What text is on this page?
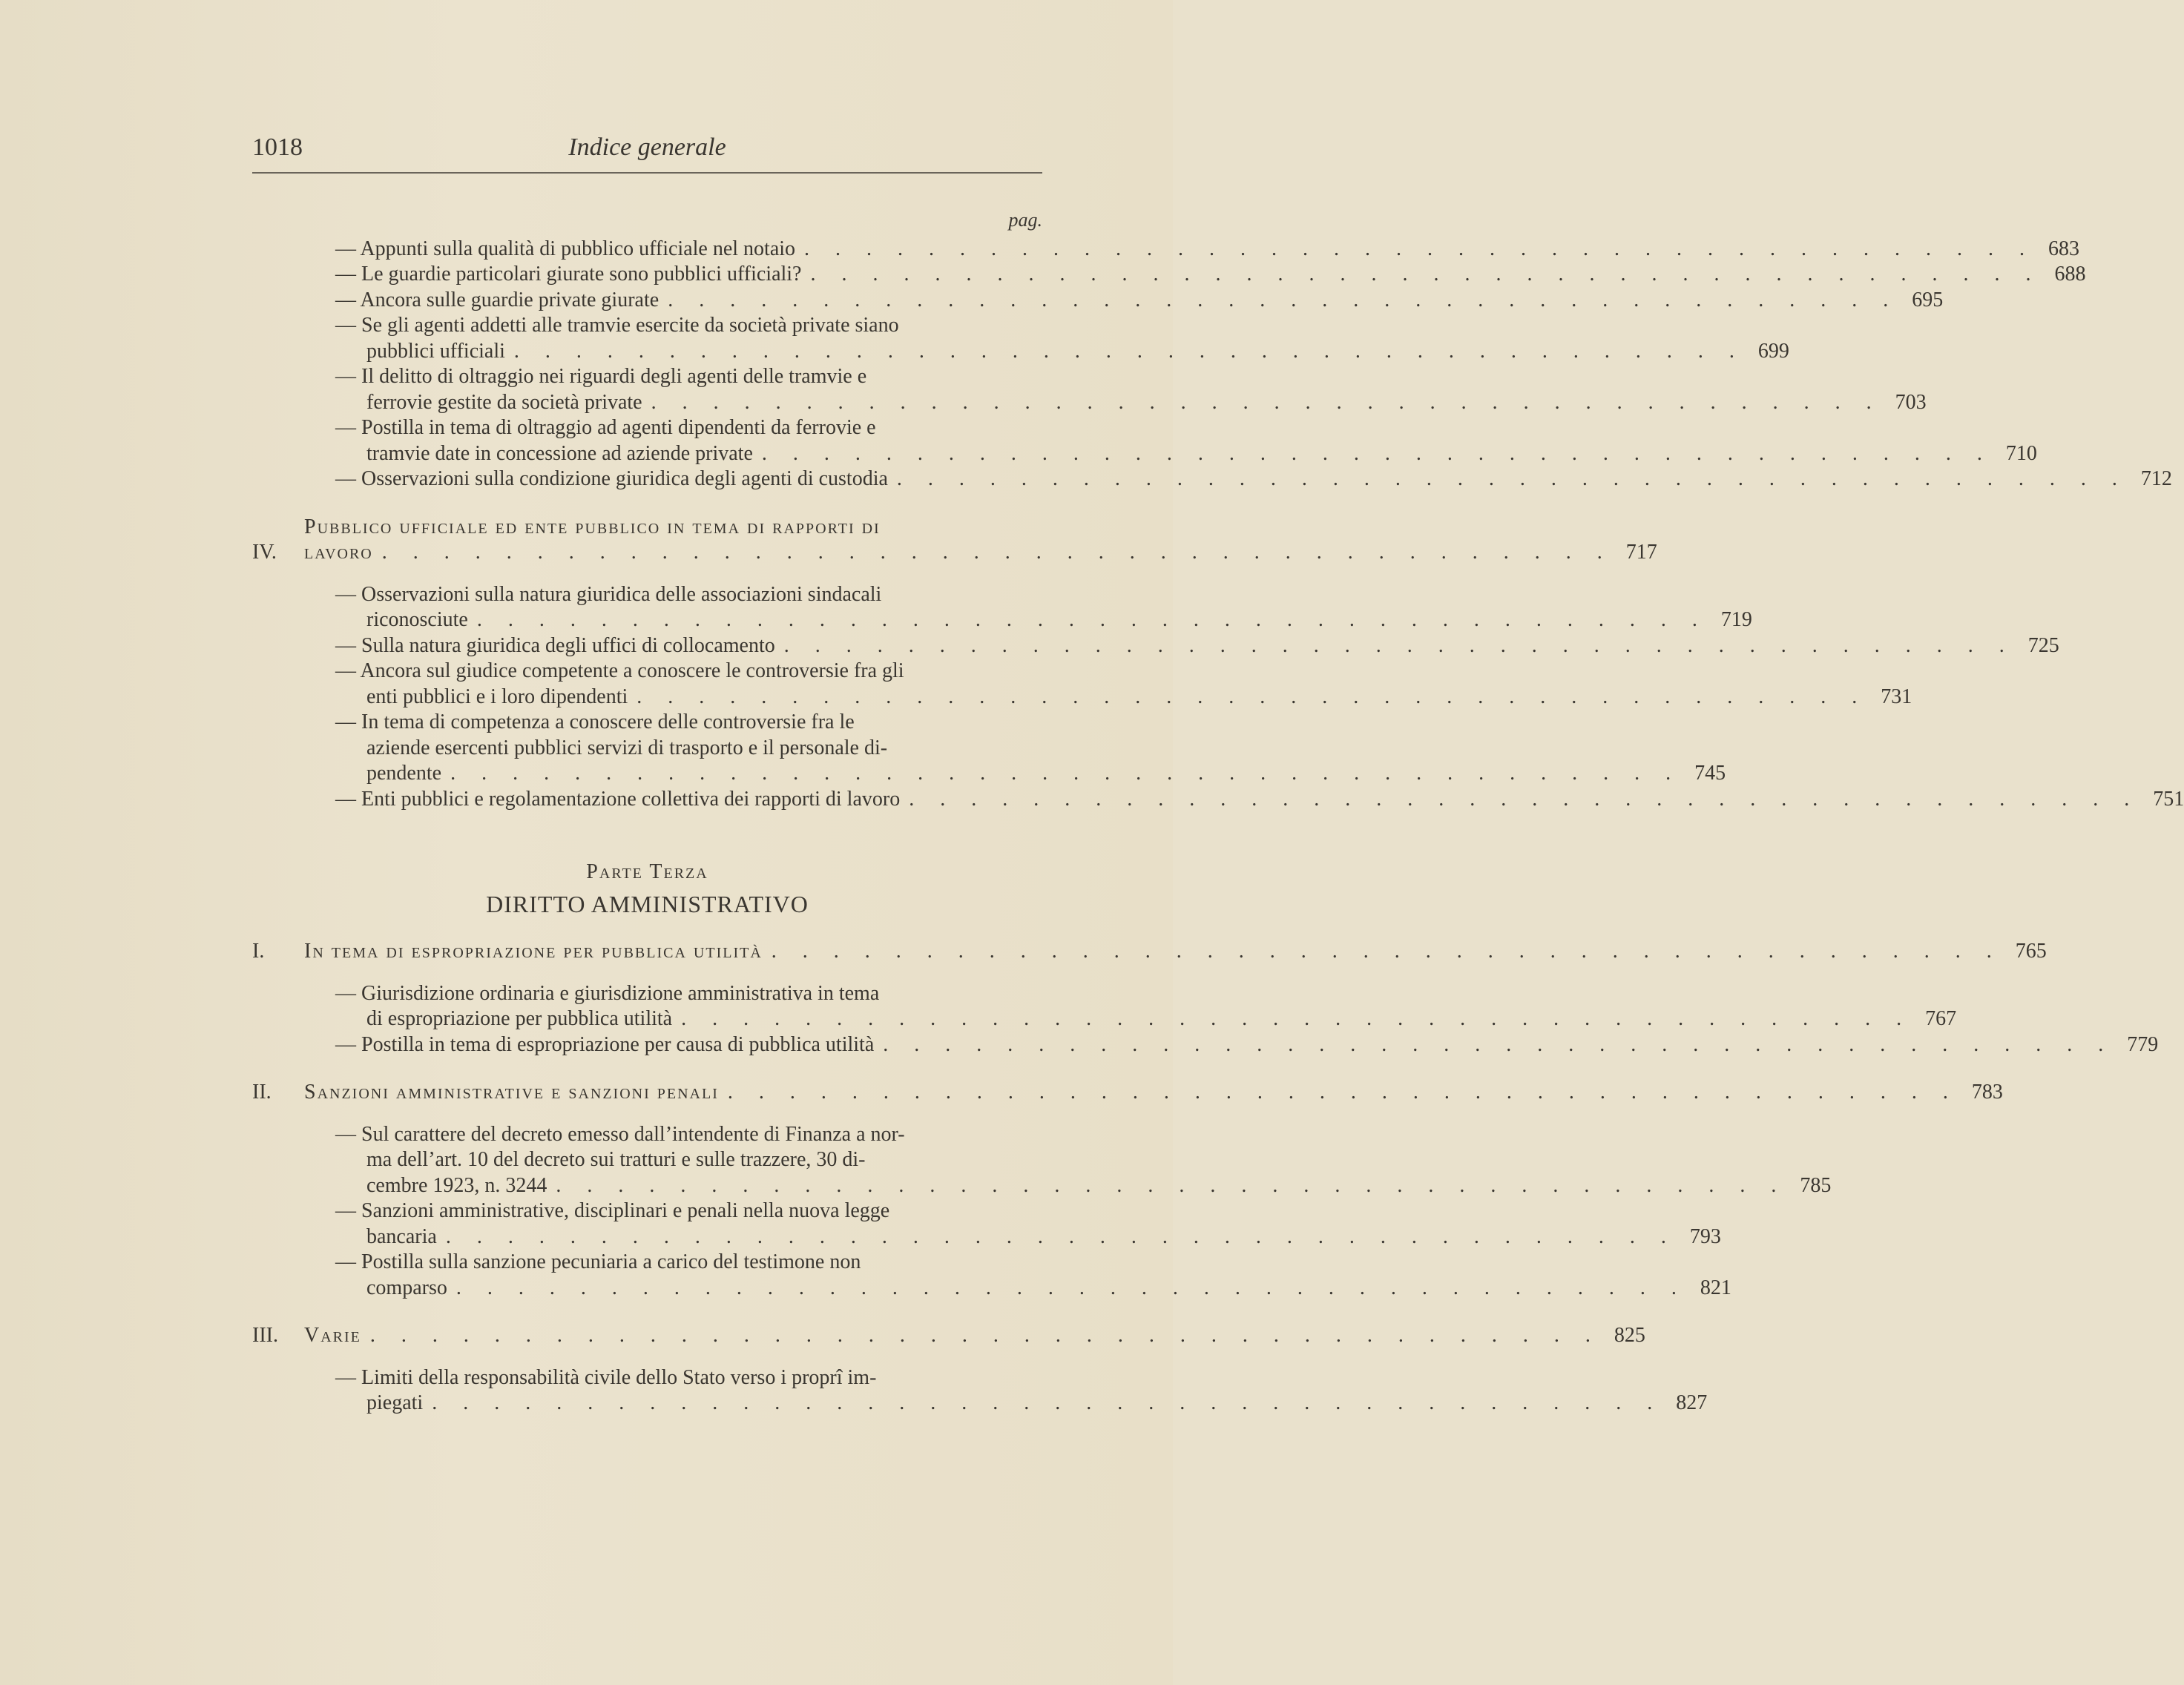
1018	Indice generale
pag.
— Appunti sulla qualità di pubblico ufficiale nel notaio . . . . . . . . . . . . . . . . . . . . . . . . . . . . . . . . . . . . . . . . 683
— Le guardie particolari giurate sono pubblici ufficiali? . . . . . . . . . . . . . . . . . . . . . . . . . . . . . . . . . . . . . . . . 688
— Ancora sulle guardie private giurate . . . . . . . . . . . . . . . . . . . . . . . . . . . . . . . . . . . . . . . . 695
— Se gli agenti addetti alle tramvie esercite da società private siano
pubblici ufficiali . . . . . . . . . . . . . . . . . . . . . . . . . . . . . . . . . . . . . . . . 699
— Il delitto di oltraggio nei riguardi degli agenti delle tramvie e
ferrovie gestite da società private . . . . . . . . . . . . . . . . . . . . . . . . . . . . . . . . . . . . . . . . 703
— Postilla in tema di oltraggio ad agenti dipendenti da ferrovie e
tramvie date in concessione ad aziende private . . . . . . . . . . . . . . . . . . . . . . . . . . . . . . . . . . . . . . . . 710
— Osservazioni sulla condizione giuridica degli agenti di custodia . . . . . . . . . . . . . . . . . . . . . . . . . . . . . . . . . . . . . . . . 712
IV.
Pubblico ufficiale ed ente pubblico in tema di rapporti di
lavoro . . . . . . . . . . . . . . . . . . . . . . . . . . . . . . . . . . . . . . . . 717
— Osservazioni sulla natura giuridica delle associazioni sindacali
riconosciute . . . . . . . . . . . . . . . . . . . . . . . . . . . . . . . . . . . . . . . . 719
— Sulla natura giuridica degli uffici di collocamento . . . . . . . . . . . . . . . . . . . . . . . . . . . . . . . . . . . . . . . . 725
— Ancora sul giudice competente a conoscere le controversie fra gli
enti pubblici e i loro dipendenti . . . . . . . . . . . . . . . . . . . . . . . . . . . . . . . . . . . . . . . . 731
— In tema di competenza a conoscere delle controversie fra le
aziende esercenti pubblici servizi di trasporto e il personale di-
pendente . . . . . . . . . . . . . . . . . . . . . . . . . . . . . . . . . . . . . . . . 745
— Enti pubblici e regolamentazione collettiva dei rapporti di lavoro . . . . . . . . . . . . . . . . . . . . . . . . . . . . . . . . . . . . . . . . 751
Parte Terza
DIRITTO AMMINISTRATIVO
I.	In tema di espropriazione per pubblica utilità . . . . . . . . . . . . . . . . . . . . . . . . . . . . . . . . . . . . . . . . 765
— Giurisdizione ordinaria e giurisdizione amministrativa in tema
di espropriazione per pubblica utilità . . . . . . . . . . . . . . . . . . . . . . . . . . . . . . . . . . . . . . . . 767
— Postilla in tema di espropriazione per causa di pubblica utilità . . . . . . . . . . . . . . . . . . . . . . . . . . . . . . . . . . . . . . . . 779
II.	Sanzioni amministrative e sanzioni penali . . . . . . . . . . . . . . . . . . . . . . . . . . . . . . . . . . . . . . . . 783
— Sul carattere del decreto emesso dall’intendente di Finanza a nor-
ma dell’art. 10 del decreto sui tratturi e sulle trazzere, 30 di-
cembre 1923, n. 3244 . . . . . . . . . . . . . . . . . . . . . . . . . . . . . . . . . . . . . . . . 785
— Sanzioni amministrative, disciplinari e penali nella nuova legge
bancaria . . . . . . . . . . . . . . . . . . . . . . . . . . . . . . . . . . . . . . . . 793
— Postilla sulla sanzione pecuniaria a carico del testimone non
comparso . . . . . . . . . . . . . . . . . . . . . . . . . . . . . . . . . . . . . . . . 821
III.	Varie . . . . . . . . . . . . . . . . . . . . . . . . . . . . . . . . . . . . . . . . 825
— Limiti della responsabilità civile dello Stato verso i proprî im-
piegati . . . . . . . . . . . . . . . . . . . . . . . . . . . . . . . . . . . . . . . . 827
